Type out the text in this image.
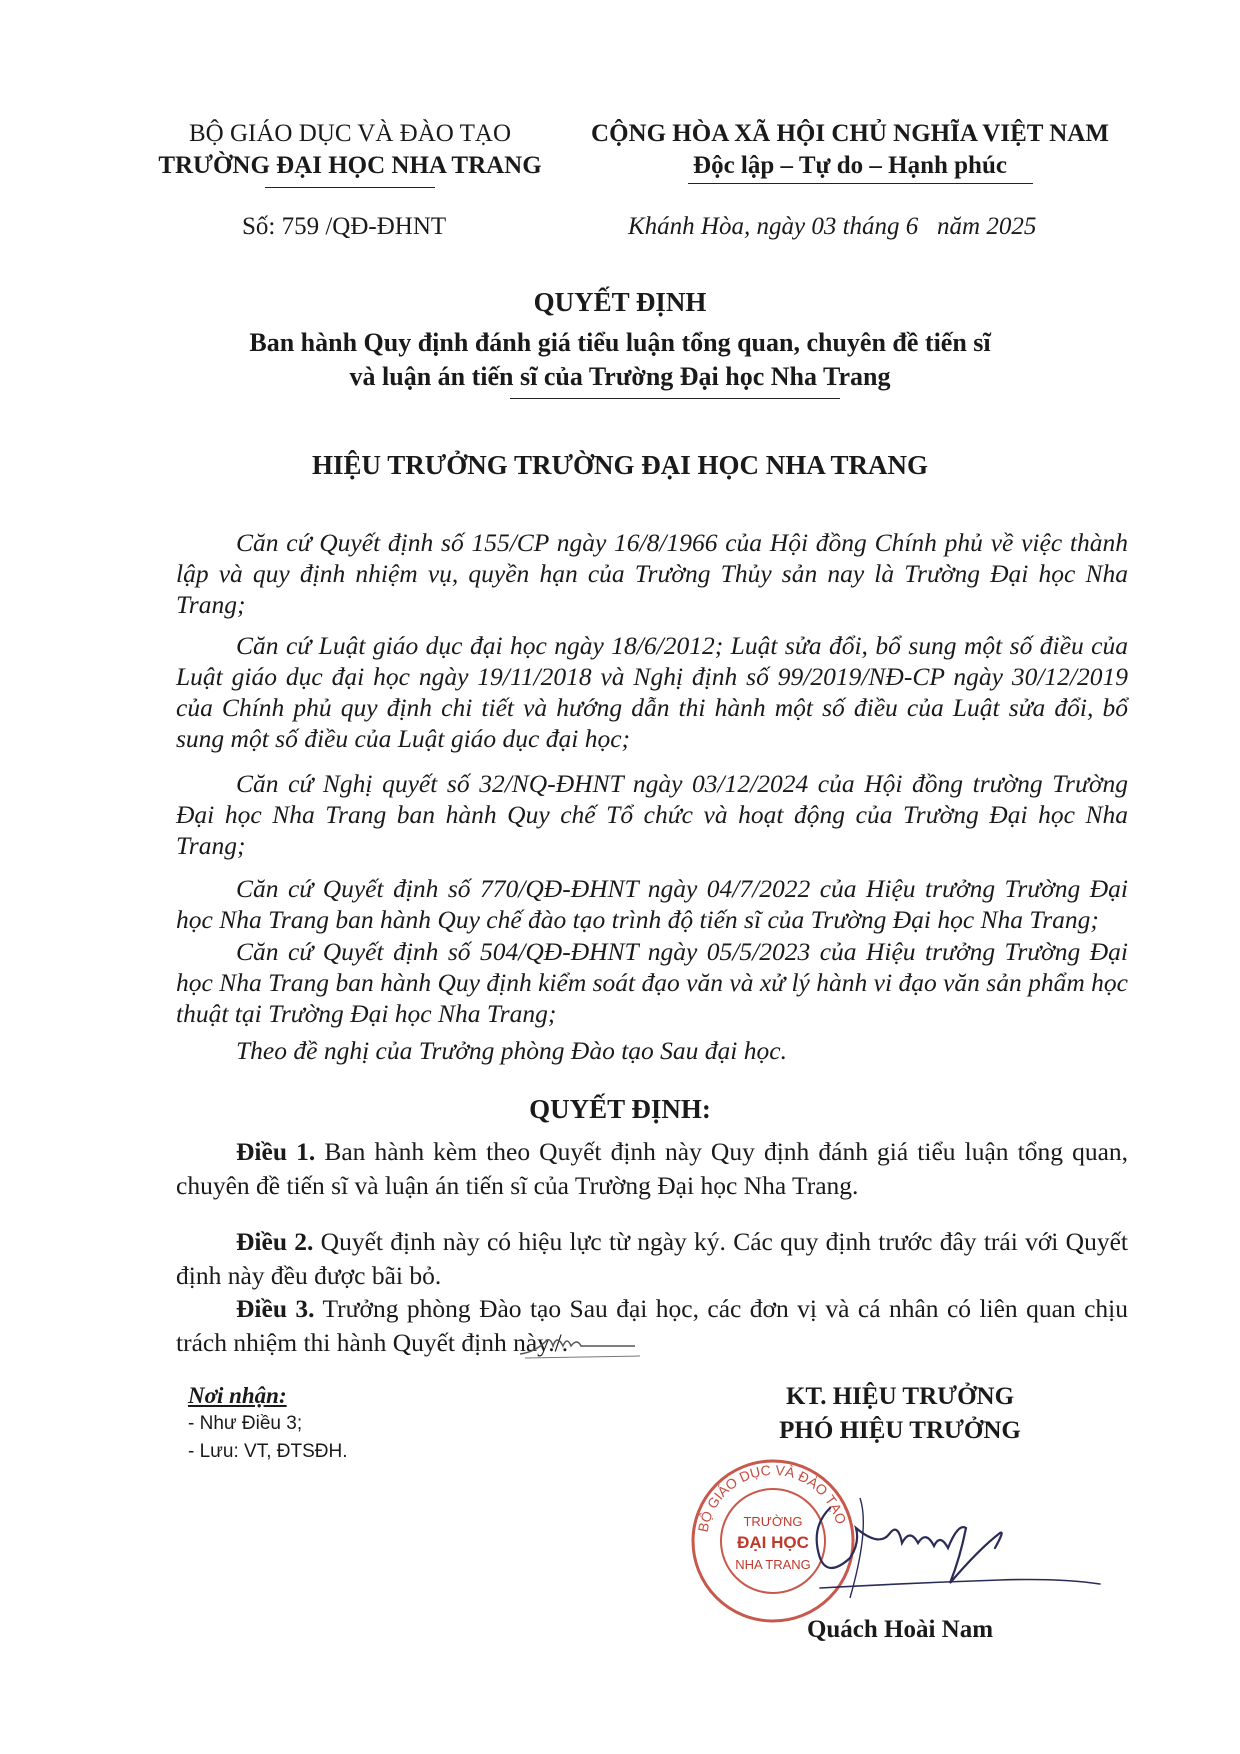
BỘ GIÁO DỤC VÀ ĐÀO TẠO
TRƯỜNG ĐẠI HỌC NHA TRANG
CỘNG HÒA XÃ HỘI CHỦ NGHĨA VIỆT NAM
Độc lập – Tự do – Hạnh phúc
Số: 759 /QĐ-ĐHNT	Khánh Hòa, ngày 03 tháng 6   năm 2025
QUYẾT ĐỊNH
Ban hành Quy định đánh giá tiểu luận tổng quan, chuyên đề tiến sĩ
và luận án tiến sĩ của Trường Đại học Nha Trang
HIỆU TRƯỞNG TRƯỜNG ĐẠI HỌC NHA TRANG
Căn cứ Quyết định số 155/CP ngày 16/8/1966 của Hội đồng Chính phủ về việc thành lập và quy định nhiệm vụ, quyền hạn của Trường Thủy sản nay là Trường Đại học Nha Trang;
Căn cứ Luật giáo dục đại học ngày 18/6/2012; Luật sửa đổi, bổ sung một số điều của Luật giáo dục đại học ngày 19/11/2018 và Nghị định số 99/2019/NĐ-CP ngày 30/12/2019 của Chính phủ quy định chi tiết và hướng dẫn thi hành một số điều của Luật sửa đổi, bổ sung một số điều của Luật giáo dục đại học;
Căn cứ Nghị quyết số 32/NQ-ĐHNT ngày 03/12/2024 của Hội đồng trường Trường Đại học Nha Trang ban hành Quy chế Tổ chức và hoạt động của Trường Đại học Nha Trang;
Căn cứ Quyết định số 770/QĐ-ĐHNT ngày 04/7/2022 của Hiệu trưởng Trường Đại học Nha Trang ban hành Quy chế đào tạo trình độ tiến sĩ của Trường Đại học Nha Trang;
Căn cứ Quyết định số 504/QĐ-ĐHNT ngày 05/5/2023 của Hiệu trưởng Trường Đại học Nha Trang ban hành Quy định kiểm soát đạo văn và xử lý hành vi đạo văn sản phẩm học thuật tại Trường Đại học Nha Trang;
Theo đề nghị của Trưởng phòng Đào tạo Sau đại học.
QUYẾT ĐỊNH:
Điều 1. Ban hành kèm theo Quyết định này Quy định đánh giá tiểu luận tổng quan, chuyên đề tiến sĩ và luận án tiến sĩ của Trường Đại học Nha Trang.
Điều 2. Quyết định này có hiệu lực từ ngày ký. Các quy định trước đây trái với Quyết định này đều được bãi bỏ.
Điều 3. Trưởng phòng Đào tạo Sau đại học, các đơn vị và cá nhân có liên quan chịu trách nhiệm thi hành Quyết định này./.
Nơi nhận:
- Như Điều 3;
- Lưu: VT, ĐTSĐH.
KT. HIỆU TRƯỞNG
PHÓ HIỆU TRƯỞNG
BỘ GIÁO DỤC VÀ ĐÀO TẠO
TRƯỜNG
ĐẠI HỌC
NHA TRANG
Quách Hoài Nam
